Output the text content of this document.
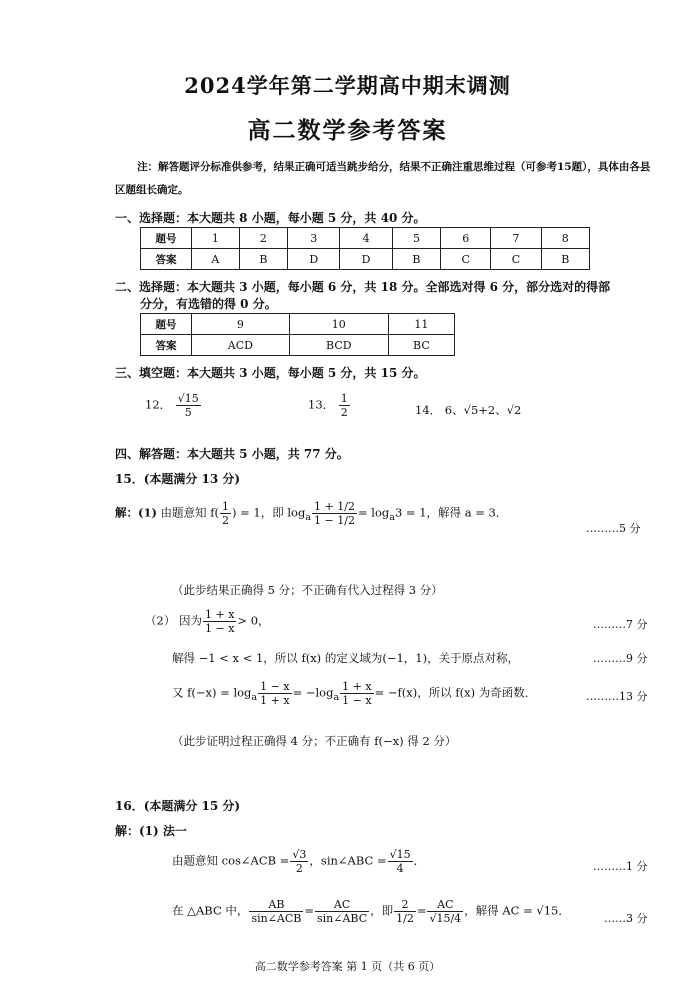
2024学年第二学期高中期末调测
高二数学参考答案
注：解答题评分标准供参考，结果正确可适当跳步给分，结果不正确注重思维过程（可参考15题），具体由各县区题组长确定。
一、选择题：本大题共 8 小题，每小题 5 分，共 40 分。
题号	1	2	3	4	5	6	7	8
答案	A	B	D	D	B	C	C	B
二、选择题：本大题共 3 小题，每小题 6 分，共 18 分。全部选对得 6 分，部分选对的得部
分分，有选错的得 0 分。
题号	9	10	11
答案	ACD	BCD	BC
三、填空题：本大题共 3 小题，每小题 5 分，共 15 分。
12． $\frac{√15}{5}$	13． $\frac{1}{2}$	14． 6、√5+2、√2
四、解答题：本大题共 5 小题，共 77 分。
15．(本题满分 13 分)
解：(1) 由题意知 $f( \frac{1}{2}$ ) = 1，即 $\log_a \frac{1 + 1/2}{1 - 1/2} = \log_a3 = 1$，解得 a = 3．
………5 分
（此步结果正确得 5 分；不正确有代入过程得 3 分）
（2） 因为 $\frac{1 + x}{1 - x} > 0$，	………7 分
解得 −1 < x < 1，所以 f(x) 的定义域为(−1，1)，关于原点对称，	………9 分
又 $f(-x) = \log_a \frac{1 - x}{1 + x} = -\log_a \frac{1 + x}{1 - x} = -f(x)$，所以 f(x) 为奇函数．	………13 分
（此步证明过程正确得 4 分；不正确有 f(−x) 得 2 分）
16．(本题满分 15 分)
解：(1) 法一
由题意知 cos∠ACB = $\frac{√3}{2}$ ，sin∠ABC = $\frac{√15}{4}$ ．	………1 分
在 △ABC 中， $\frac{AB}{\text{sin∠ACB}} = \frac{AC}{\text{sin∠ABC}}$ ，即 $\frac{2}{1/2} = \frac{AC}{√15/4}$ ，解得 AC = √15．
……3 分
高二数学参考答案 第 1 页（共 6 页）
